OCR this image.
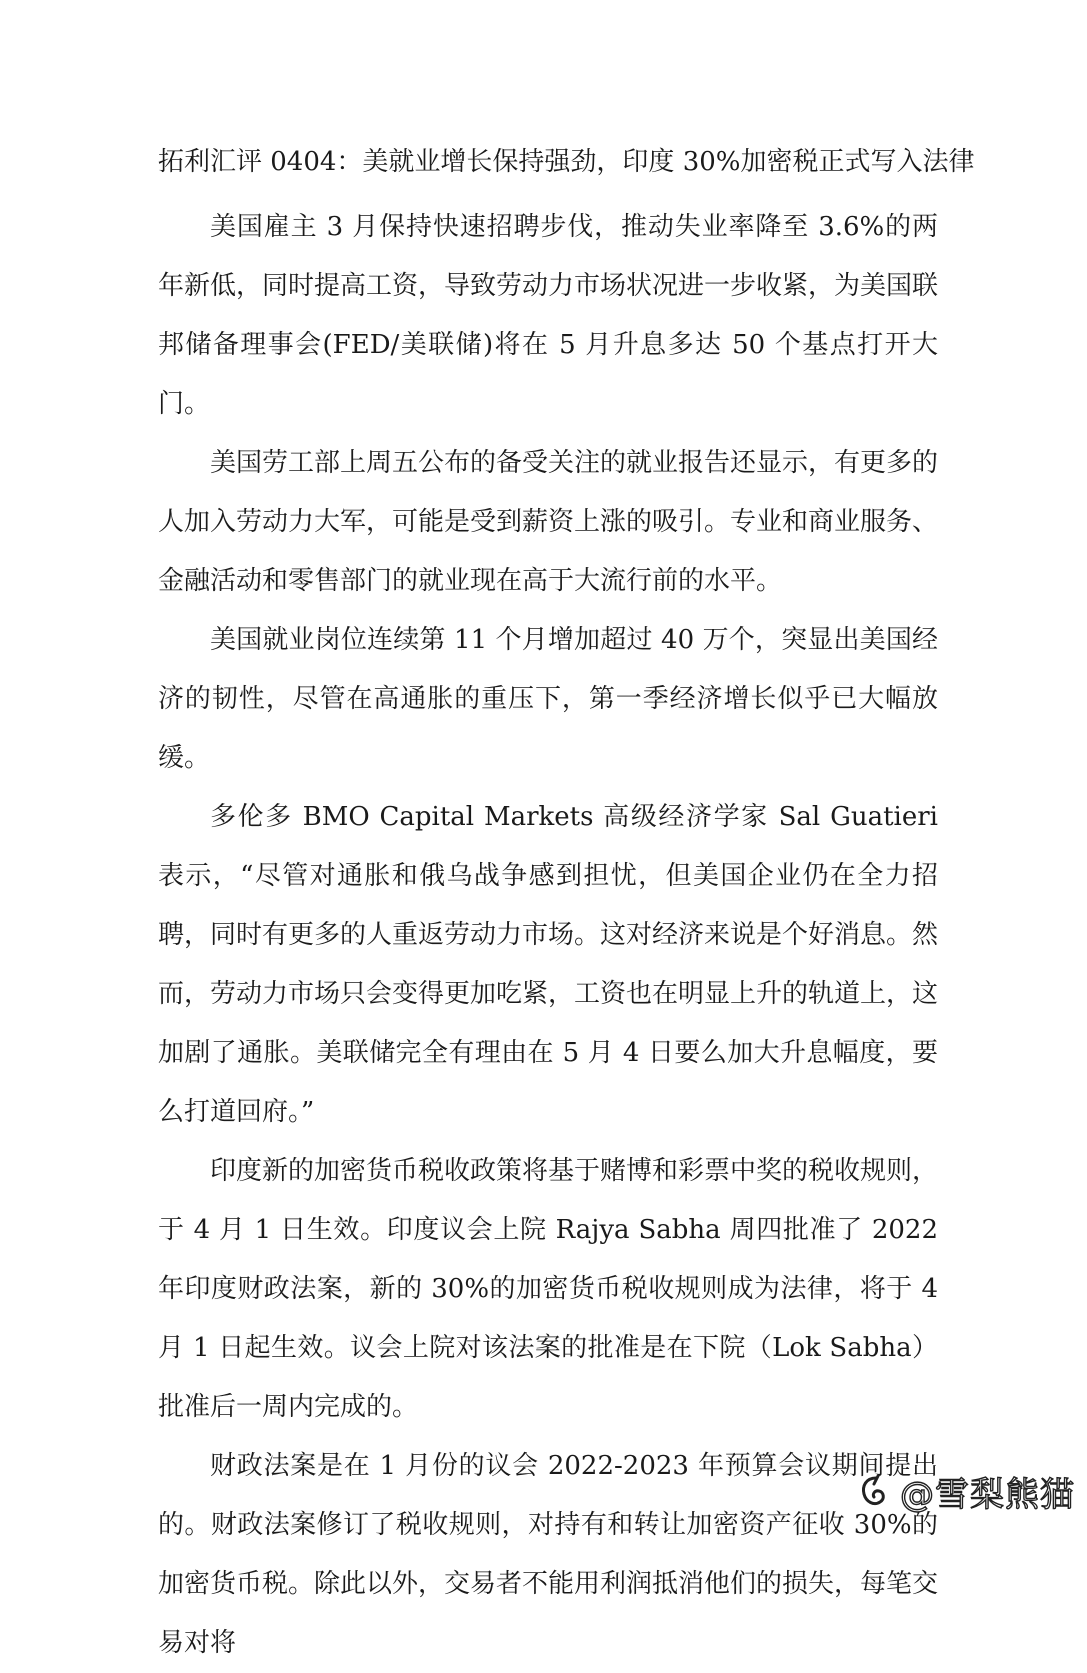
拓利汇评 0404：美就业增长保持强劲，印度 30%加密税正式写入法律

美国雇主 3 月保持快速招聘步伐，推动失业率降至 3.6%的两年新低，同时提高工资，导致劳动力市场状况进一步收紧，为美国联邦储备理事会(FED/美联储)将在 5 月升息多达 50 个基点打开大门。

美国劳工部上周五公布的备受关注的就业报告还显示，有更多的人加入劳动力大军，可能是受到薪资上涨的吸引。专业和商业服务、金融活动和零售部门的就业现在高于大流行前的水平。

美国就业岗位连续第 11 个月增加超过 40 万个，突显出美国经济的韧性，尽管在高通胀的重压下，第一季经济增长似乎已大幅放缓。

多伦多 BMO Capital Markets 高级经济学家 Sal Guatieri 表示，“尽管对通胀和俄乌战争感到担忧，但美国企业仍在全力招聘，同时有更多的人重返劳动力市场。这对经济来说是个好消息。然而，劳动力市场只会变得更加吃紧，工资也在明显上升的轨道上，这加剧了通胀。美联储完全有理由在 5 月 4 日要么加大升息幅度，要么打道回府。”

印度新的加密货币税收政策将基于赌博和彩票中奖的税收规则，于 4 月 1 日生效。印度议会上院 Rajya Sabha 周四批准了 2022 年印度财政法案，新的 30%的加密货币税收规则成为法律，将于 4 月 1 日起生效。议会上院对该法案的批准是在下院（Lok Sabha）批准后一周内完成的。

财政法案是在 1 月份的议会 2022-2023 年预算会议期间提出的。财政法案修订了税收规则，对持有和转让加密资产征收 30%的加密货币税。除此以外，交易者不能用利润抵消他们的损失，每笔交易对将

@雪梨熊猫
